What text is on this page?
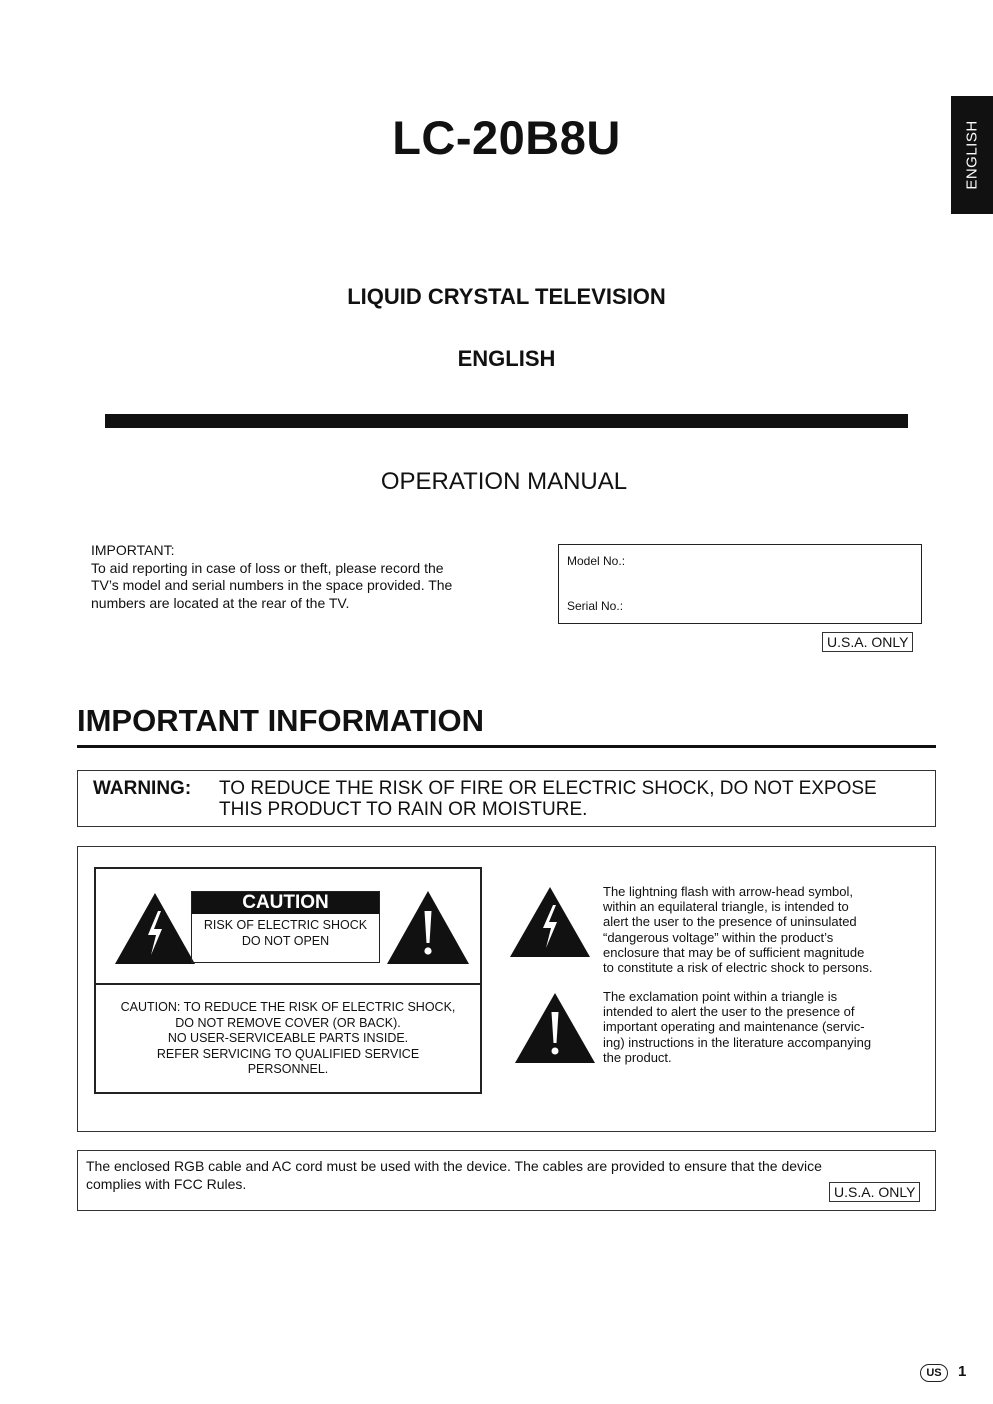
ENGLISH
LC-20B8U
LIQUID CRYSTAL TELEVISION
ENGLISH
OPERATION MANUAL
IMPORTANT:
To aid reporting in case of loss or theft, please record the
TV’s model and serial numbers in the space provided. The
numbers are located at the rear of the TV.
Model No.:
Serial No.:
U.S.A. ONLY
IMPORTANT INFORMATION
WARNING: TO REDUCE THE RISK OF FIRE OR ELECTRIC SHOCK, DO NOT EXPOSE
THIS PRODUCT TO RAIN OR MOISTURE.
CAUTION
RISK OF ELECTRIC SHOCK
DO NOT OPEN
CAUTION: TO REDUCE THE RISK OF ELECTRIC SHOCK,
DO NOT REMOVE COVER (OR BACK).
NO USER-SERVICEABLE PARTS INSIDE.
REFER SERVICING TO QUALIFIED SERVICE
PERSONNEL.
The lightning flash with arrow-head symbol,
within an equilateral triangle, is intended to
alert the user to the presence of uninsulated
“dangerous voltage” within the product’s
enclosure that may be of sufficient magnitude
to constitute a risk of electric shock to persons.
The exclamation point within a triangle is
intended to alert the user to the presence of
important operating and maintenance (servic-
ing) instructions in the literature accompanying
the product.
The enclosed RGB cable and AC cord must be used with the device. The cables are provided to ensure that the device
complies with FCC Rules.
U.S.A. ONLY
US	1
